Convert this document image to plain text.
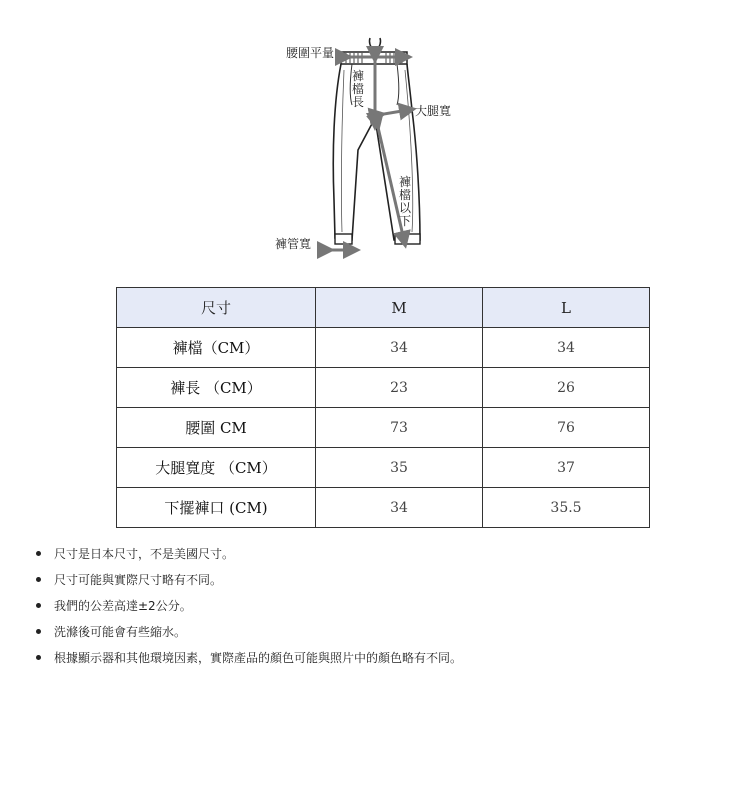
腰圍平量
褲檔長
大腿寬
褲檔以下
褲管寬
尺寸	M	L
褲檔（CM）	34	34
褲長 （CM）	23	26
腰圍 CM	73	76
大腿寬度 （CM）	35	37
下擺褲口 (CM)	34	35.5
尺寸是日本尺寸，不是美國尺寸。
尺寸可能與實際尺寸略有不同。
我們的公差高達±2公分。
洗滌後可能會有些縮水。
根據顯示器和其他環境因素，實際產品的顏色可能與照片中的顏色略有不同。
